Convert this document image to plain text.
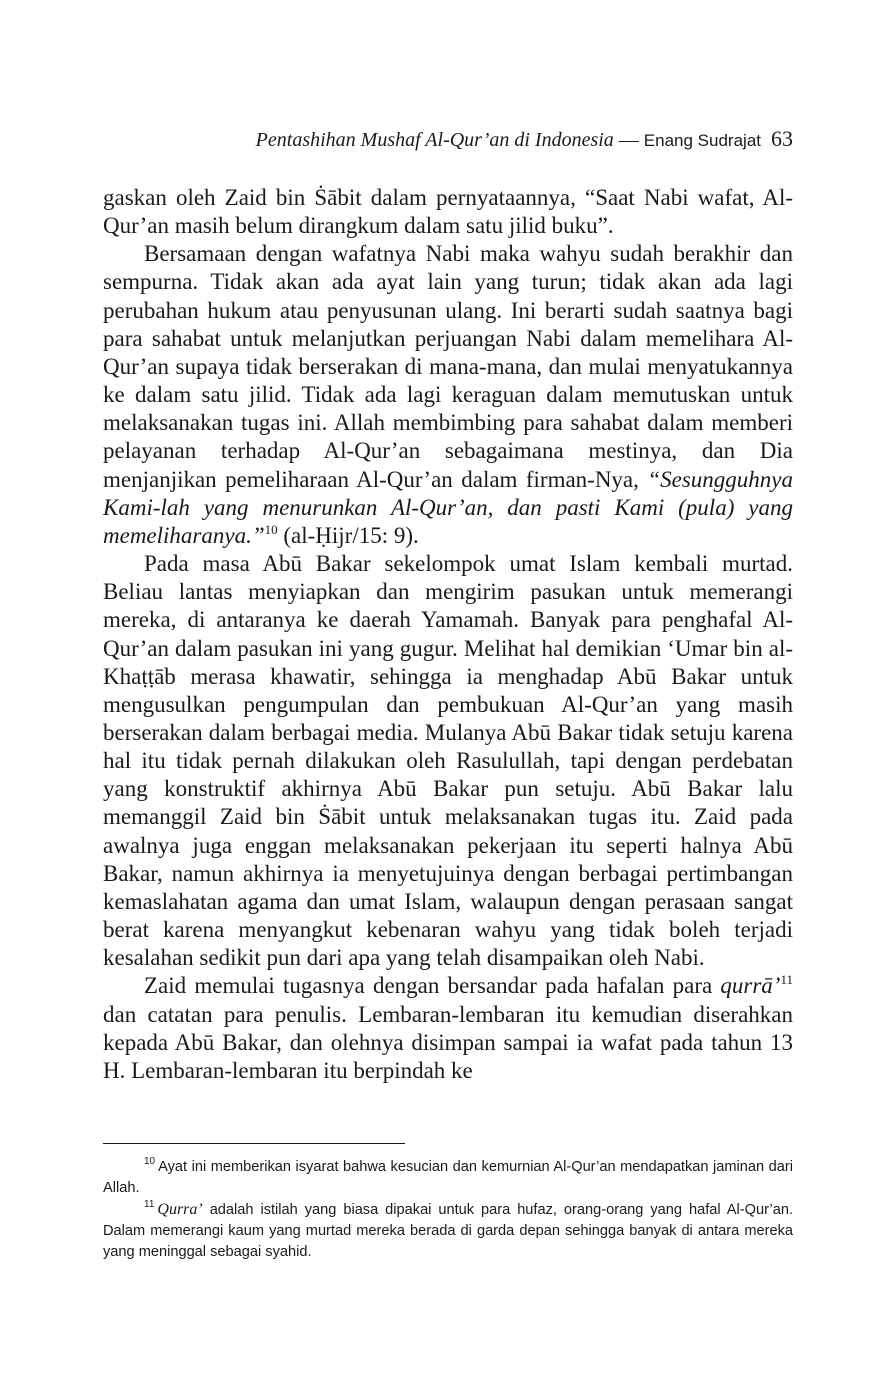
Pentashihan Mushaf Al-Qur’an di Indonesia — Enang Sudrajat 63

gaskan oleh Zaid bin Ṡābit dalam pernyataannya, “Saat Nabi wafat, Al-Qur’an masih belum dirangkum dalam satu jilid buku”.

Bersamaan dengan wafatnya Nabi maka wahyu sudah berakhir dan sempurna. Tidak akan ada ayat lain yang turun; tidak akan ada lagi perubahan hukum atau penyusunan ulang. Ini berarti sudah saatnya bagi para sahabat untuk melanjutkan perjuangan Nabi dalam memelihara Al-Qur’an supaya tidak berserakan di mana-mana, dan mulai menyatukannya ke dalam satu jilid. Tidak ada lagi keraguan dalam memutuskan untuk melaksanakan tugas ini. Allah membimbing para sahabat dalam memberi pelayanan terhadap Al-Qur’an sebagaimana mestinya, dan Dia menjanjikan pemeliharaan Al-Qur’an dalam firman-Nya, “Sesungguhnya Kami-lah yang menurunkan Al-Qur’an, dan pasti Kami (pula) yang memeliharanya.”$^{10}$ (al-Ḥijr/15: 9).

Pada masa Abū Bakar sekelompok umat Islam kembali murtad. Beliau lantas menyiapkan dan mengirim pasukan untuk memerangi mereka, di antaranya ke daerah Yamamah. Banyak para penghafal Al-Qur’an dalam pasukan ini yang gugur. Melihat hal demikian ‘Umar bin al-Khaṭṭāb merasa khawatir, sehingga ia menghadap Abū Bakar untuk mengusulkan pengumpulan dan pembukuan Al-Qur’an yang masih berserakan dalam berbagai media. Mulanya Abū Bakar tidak setuju karena hal itu tidak pernah dilakukan oleh Rasulullah, tapi dengan perdebatan yang konstruktif akhirnya Abū Bakar pun setuju. Abū Bakar lalu memanggil Zaid bin Ṡābit untuk melaksanakan tugas itu. Zaid pada awalnya juga enggan melaksanakan pekerjaan itu seperti halnya Abū Bakar, namun akhirnya ia menyetujuinya dengan berbagai pertimbangan kemaslahatan agama dan umat Islam, walaupun dengan perasaan sangat berat karena menyangkut kebenaran wahyu yang tidak boleh terjadi kesalahan sedikit pun dari apa yang telah disampaikan oleh Nabi.

Zaid memulai tugasnya dengan bersandar pada hafalan para qurrā’$^{11}$ dan catatan para penulis. Lembaran-lembaran itu kemudian diserahkan kepada Abū Bakar, dan olehnya disimpan sampai ia wafat pada tahun 13 H. Lembaran-lembaran itu berpindah ke

$^{10}$ Ayat ini memberikan isyarat bahwa kesucian dan kemurnian Al-Qur’an mendapatkan jaminan dari Allah.

$^{11}$ Qurra’ adalah istilah yang biasa dipakai untuk para hufaz, orang-orang yang hafal Al-Qur’an. Dalam memerangi kaum yang murtad mereka berada di garda depan sehingga banyak di antara mereka yang meninggal sebagai syahid.
